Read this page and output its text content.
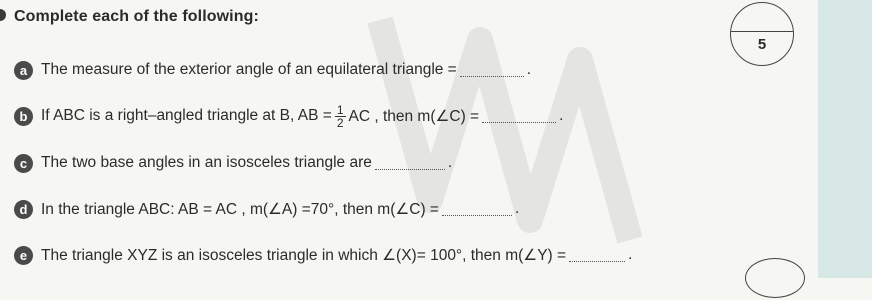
Complete each of the following:
5
a The measure of the exterior angle of an equilateral triangle =	.
b If ABC is a right–angled triangle at B, AB = $\frac{1}{2}$ AC , then m(∠C) =	.
c The two base angles in an isosceles triangle are	.
d In the triangle ABC: AB = AC , m(∠A) =70°, then m(∠C) =	.
e The triangle XYZ is an isosceles triangle in which ∠(X)= 100°, then m(∠Y) =	.
